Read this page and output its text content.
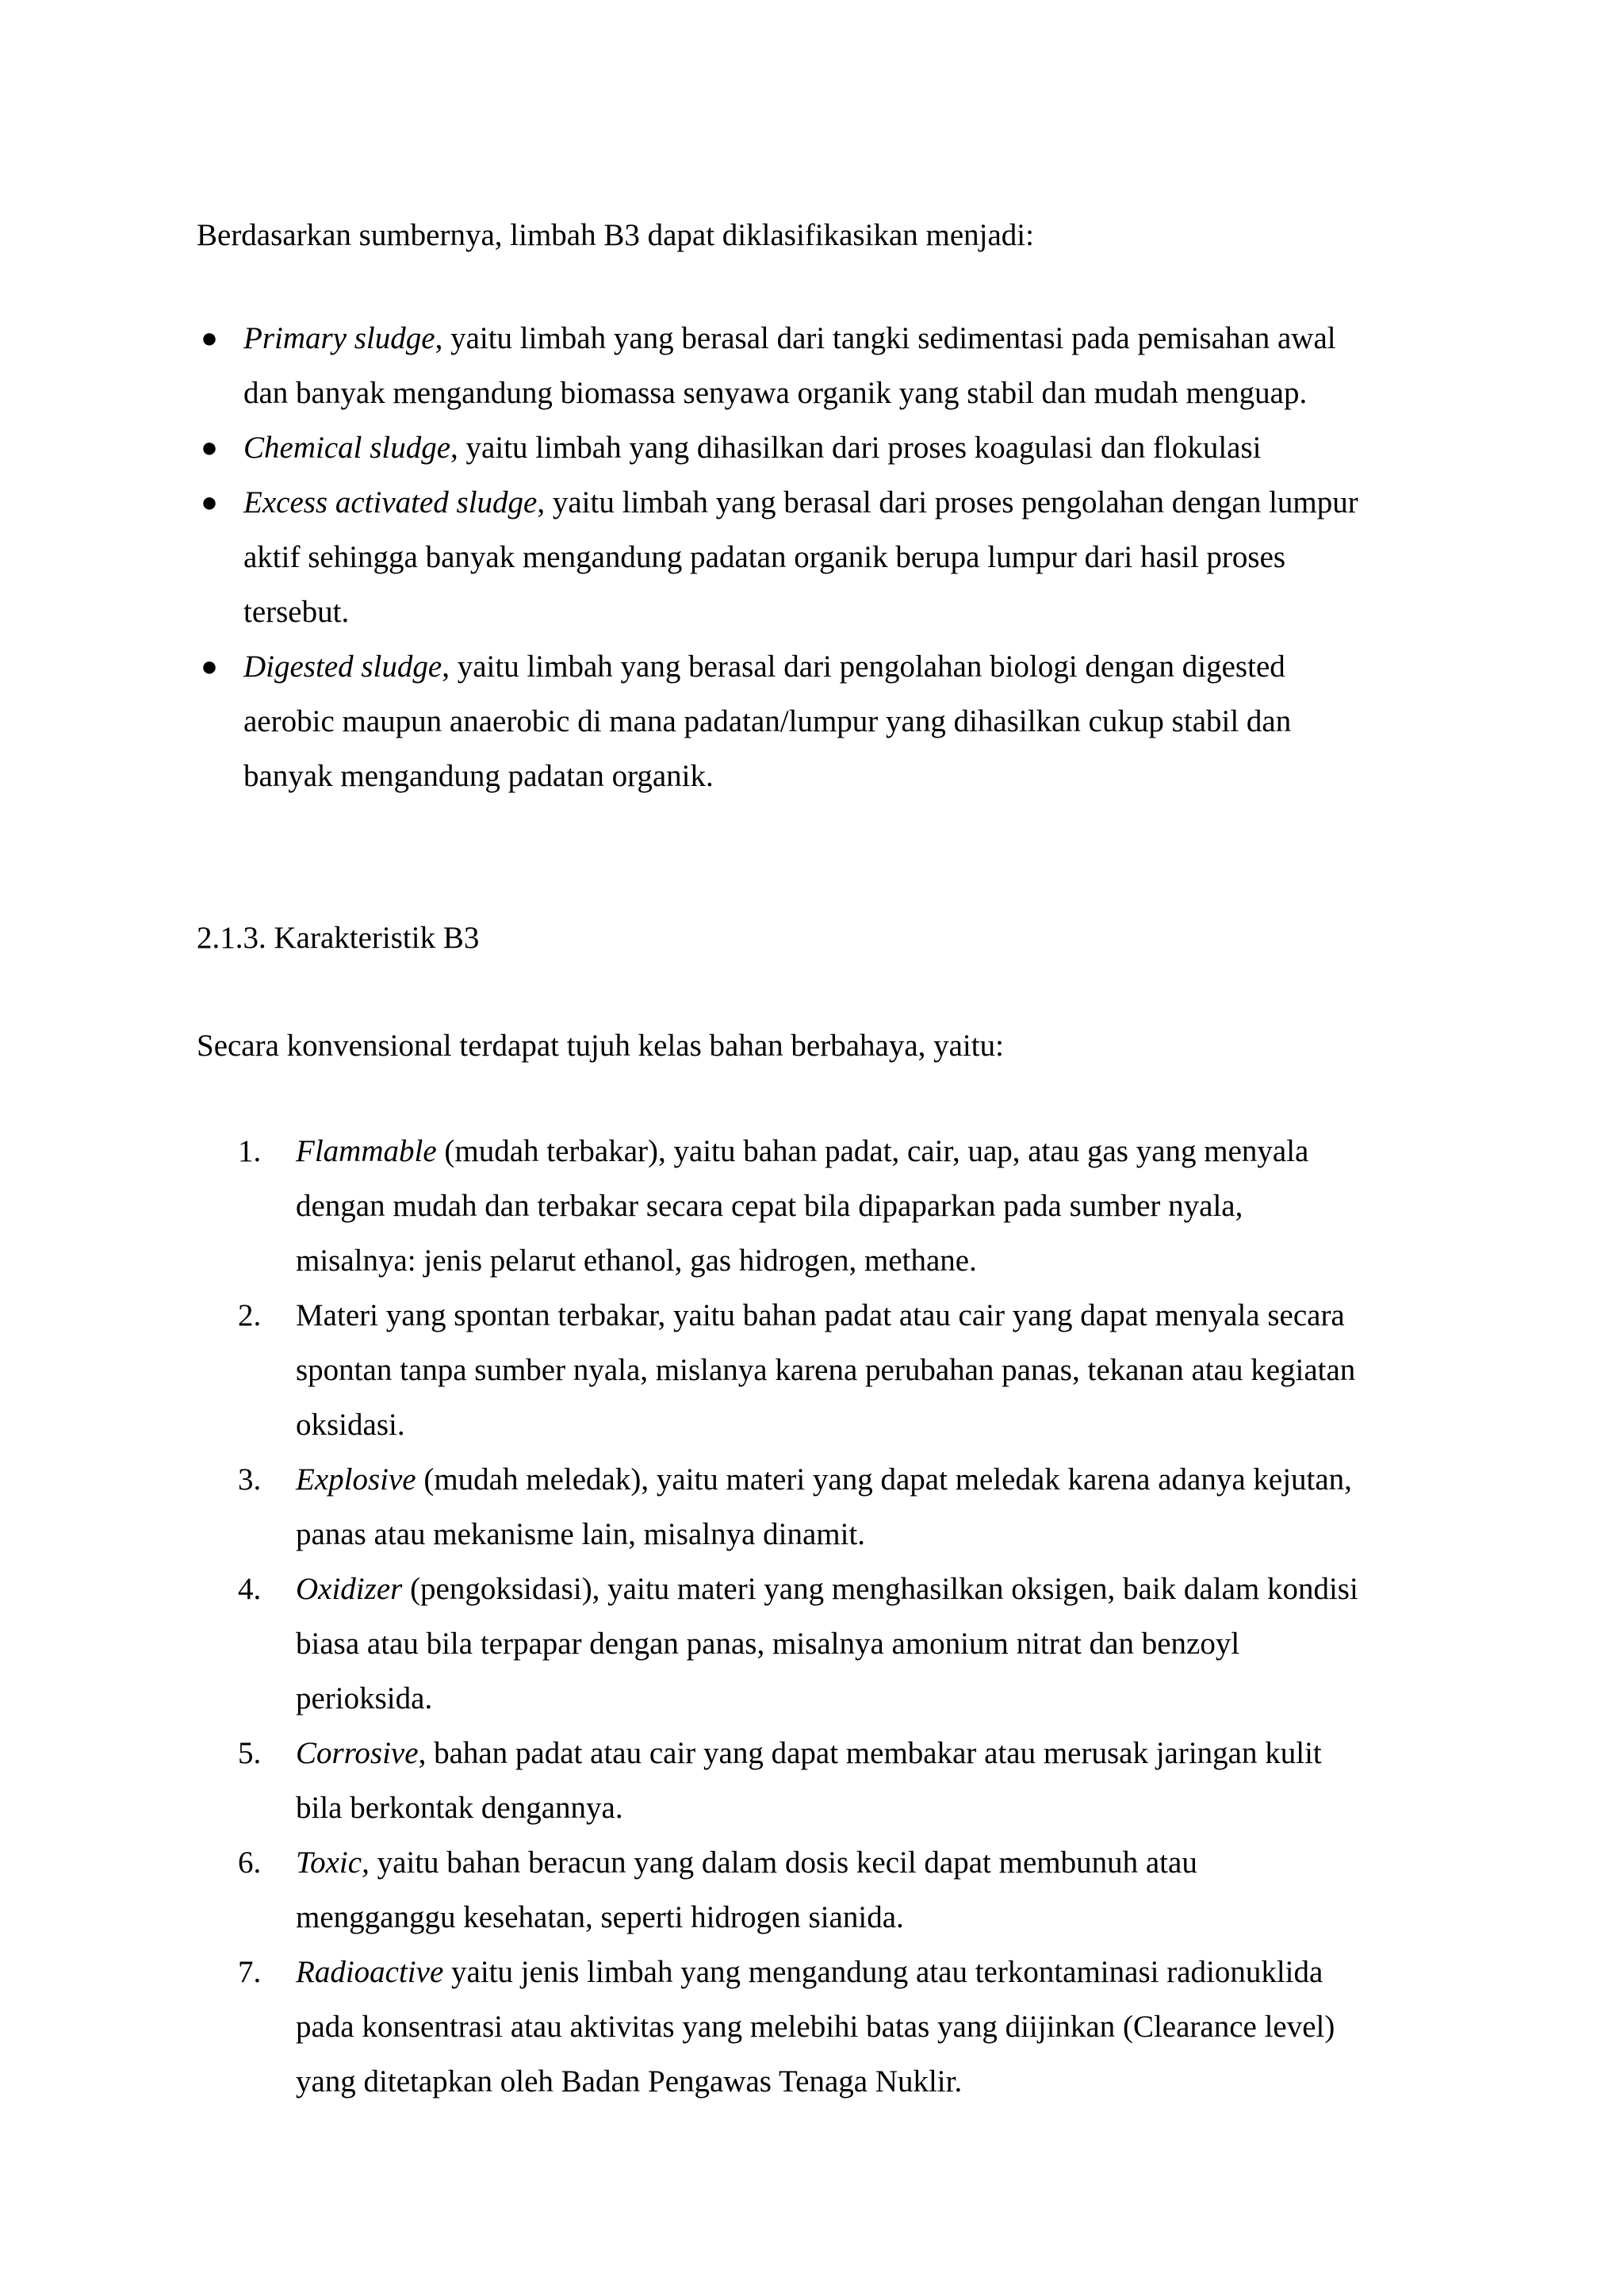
Berdasarkan sumbernya, limbah B3 dapat diklasifikasikan menjadi:

● Primary sludge, yaitu limbah yang berasal dari tangki sedimentasi pada pemisahan awal
dan banyak mengandung biomassa senyawa organik yang stabil dan mudah menguap.
● Chemical sludge, yaitu limbah yang dihasilkan dari proses koagulasi dan flokulasi
● Excess activated sludge, yaitu limbah yang berasal dari proses pengolahan dengan lumpur
aktif sehingga banyak mengandung padatan organik berupa lumpur dari hasil proses
tersebut.
● Digested sludge, yaitu limbah yang berasal dari pengolahan biologi dengan digested
aerobic maupun anaerobic di mana padatan/lumpur yang dihasilkan cukup stabil dan
banyak mengandung padatan organik.

2.1.3. Karakteristik B3

Secara konvensional terdapat tujuh kelas bahan berbahaya, yaitu:

1. Flammable (mudah terbakar), yaitu bahan padat, cair, uap, atau gas yang menyala
dengan mudah dan terbakar secara cepat bila dipaparkan pada sumber nyala,
misalnya: jenis pelarut ethanol, gas hidrogen, methane.
2. Materi yang spontan terbakar, yaitu bahan padat atau cair yang dapat menyala secara
spontan tanpa sumber nyala, mislanya karena perubahan panas, tekanan atau kegiatan
oksidasi.
3. Explosive (mudah meledak), yaitu materi yang dapat meledak karena adanya kejutan,
panas atau mekanisme lain, misalnya dinamit.
4. Oxidizer (pengoksidasi), yaitu materi yang menghasilkan oksigen, baik dalam kondisi
biasa atau bila terpapar dengan panas, misalnya amonium nitrat dan benzoyl
perioksida.
5. Corrosive, bahan padat atau cair yang dapat membakar atau merusak jaringan kulit
bila berkontak dengannya.
6. Toxic, yaitu bahan beracun yang dalam dosis kecil dapat membunuh atau
mengganggu kesehatan, seperti hidrogen sianida.
7. Radioactive yaitu jenis limbah yang mengandung atau terkontaminasi radionuklida
pada konsentrasi atau aktivitas yang melebihi batas yang diijinkan (Clearance level)
yang ditetapkan oleh Badan Pengawas Tenaga Nuklir.
